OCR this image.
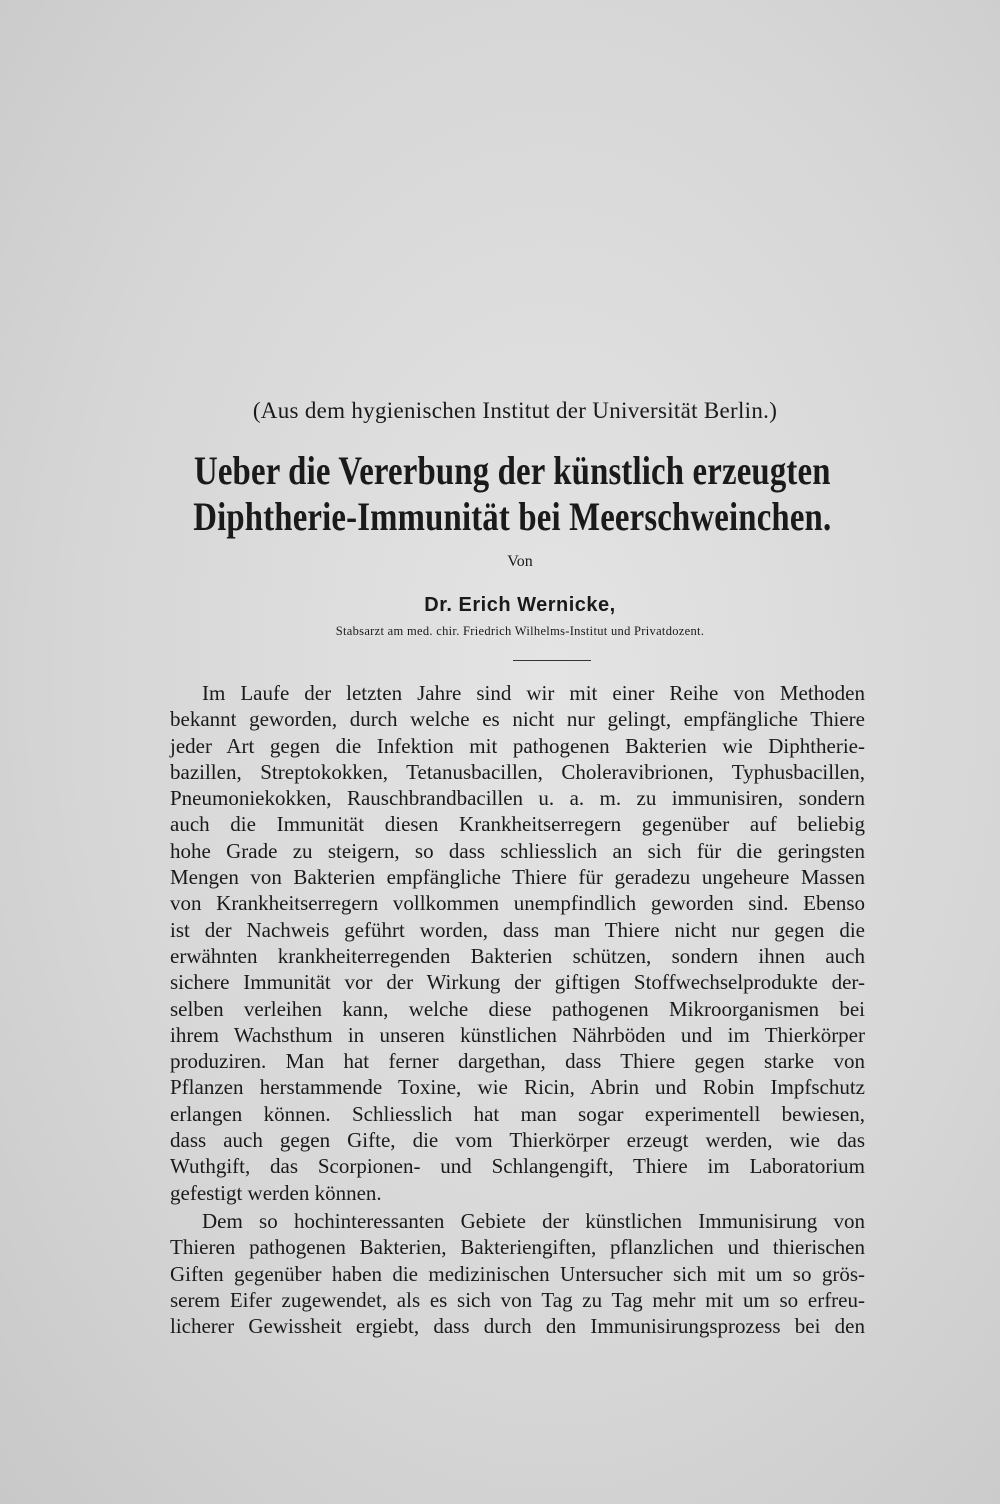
(Aus dem hygienischen Institut der Universität Berlin.)
Ueber die Vererbung der künstlich erzeugten
Diphtherie-Immunität bei Meerschweinchen.
Von
Dr. Erich Wernicke,
Stabsarzt am med. chir. Friedrich Wilhelms-Institut und Privatdozent.
Im Laufe der letzten Jahre sind wir mit einer Reihe von Methoden
bekannt geworden, durch welche es nicht nur gelingt, empfängliche Thiere
jeder Art gegen die Infektion mit pathogenen Bakterien wie Diphtherie-
bazillen, Streptokokken, Tetanusbacillen, Choleravibrionen, Typhusbacillen,
Pneumoniekokken, Rauschbrandbacillen u. a. m. zu immunisiren, sondern
auch die Immunität diesen Krankheitserregern gegenüber auf beliebig
hohe Grade zu steigern, so dass schliesslich an sich für die geringsten
Mengen von Bakterien empfängliche Thiere für geradezu ungeheure Massen
von Krankheitserregern vollkommen unempfindlich geworden sind. Ebenso
ist der Nachweis geführt worden, dass man Thiere nicht nur gegen die
erwähnten krankheiterregenden Bakterien schützen, sondern ihnen auch
sichere Immunität vor der Wirkung der giftigen Stoffwechselprodukte der-
selben verleihen kann, welche diese pathogenen Mikroorganismen bei
ihrem Wachsthum in unseren künstlichen Nährböden und im Thierkörper
produziren. Man hat ferner dargethan, dass Thiere gegen starke von
Pflanzen herstammende Toxine, wie Ricin, Abrin und Robin Impfschutz
erlangen können. Schliesslich hat man sogar experimentell bewiesen,
dass auch gegen Gifte, die vom Thierkörper erzeugt werden, wie das
Wuthgift, das Scorpionen- und Schlangengift, Thiere im Laboratorium
gefestigt werden können.
Dem so hochinteressanten Gebiete der künstlichen Immunisirung von
Thieren pathogenen Bakterien, Bakteriengiften, pflanzlichen und thierischen
Giften gegenüber haben die medizinischen Untersucher sich mit um so grös-
serem Eifer zugewendet, als es sich von Tag zu Tag mehr mit um so erfreu-
licherer Gewissheit ergiebt, dass durch den Immunisirungsprozess bei den
